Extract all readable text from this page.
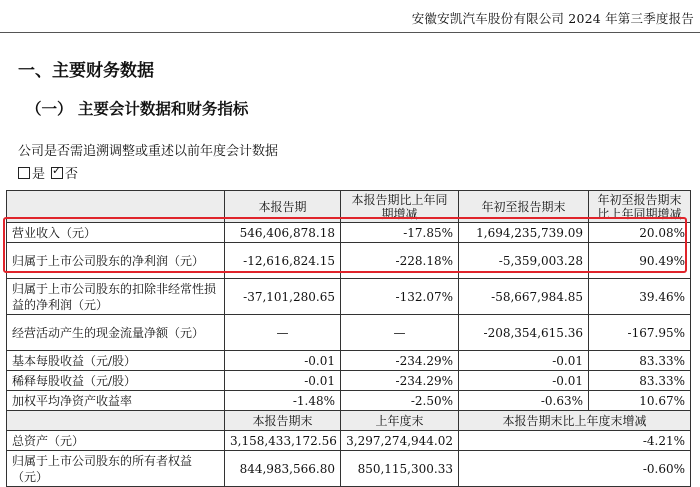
安徽安凯汽车股份有限公司 2024 年第三季度报告
一、主要财务数据
（一） 主要会计数据和财务指标
公司是否需追溯调整或重述以前年度会计数据
是 ✓ 否
	本报告期	本报告期比上年同期增减	年初至报告期末	年初至报告期末比上年同期增减
营业收入（元）	546,406,878.18	-17.85%	1,694,235,739.09	20.08%
归属于上市公司股东的净利润（元）	-12,616,824.15	-228.18%	-5,359,003.28	90.49%
归属于上市公司股东的扣除非经常性损益的净利润（元）	-37,101,280.65	-132.07%	-58,667,984.85	39.46%
经营活动产生的现金流量净额（元）	—	—	-208,354,615.36	-167.95%
基本每股收益（元/股）	-0.01	-234.29%	-0.01	83.33%
稀释每股收益（元/股）	-0.01	-234.29%	-0.01	83.33%
加权平均净资产收益率	-1.48%	-2.50%	-0.63%	10.67%
	本报告期末	上年度末	本报告期末比上年度末增减	
总资产（元）	3,158,433,172.56	3,297,274,944.02	-4.21%	
归属于上市公司股东的所有者权益（元）	844,983,566.80	850,115,300.33	-0.60%	
